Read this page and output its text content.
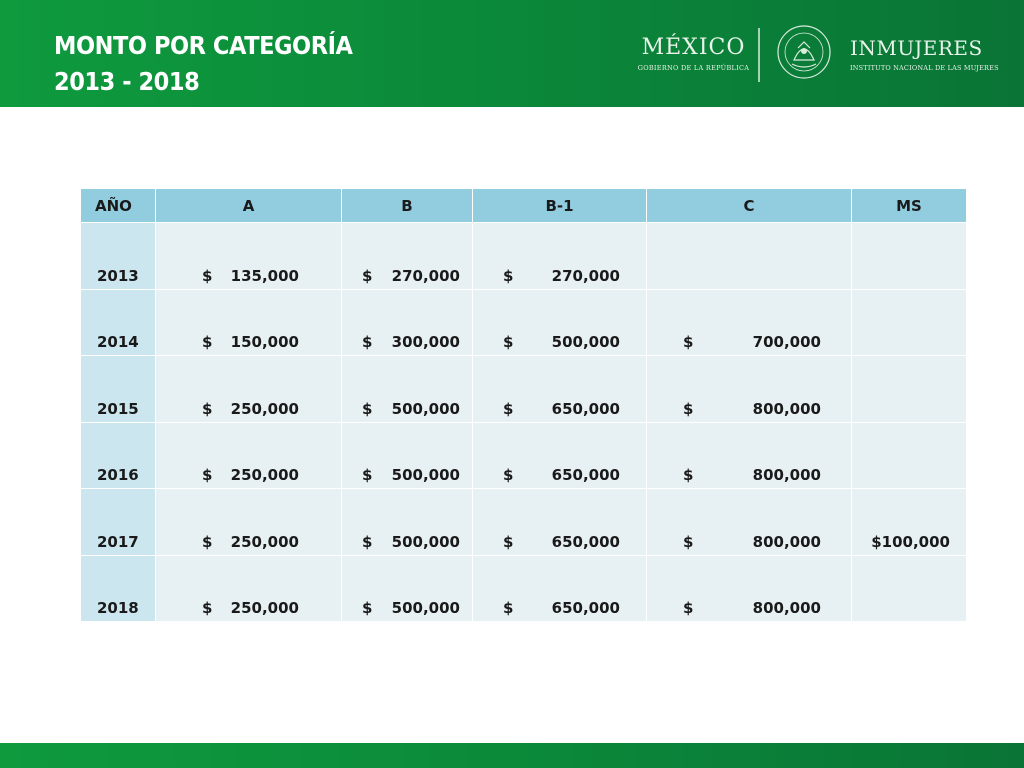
MONTO POR CATEGORÍA
2013 - 2018
MÉXICO
GOBIERNO DE LA REPÚBLICA
INMUJERES
INSTITUTO NACIONAL DE LAS MUJERES
AÑO	A	B	B-1	C	MS
2013	$ 135,000	$ 270,000	$ 270,000		

2014	$ 150,000	$ 300,000	$ 500,000	$ 700,000	

2015	$ 250,000	$ 500,000	$ 650,000	$ 800,000	

2016	$ 250,000	$ 500,000	$ 650,000	$ 800,000	

2017	$ 250,000	$ 500,000	$ 650,000	$ 800,000	$100,000
2018	$ 250,000	$ 500,000	$ 650,000	$ 800,000	
